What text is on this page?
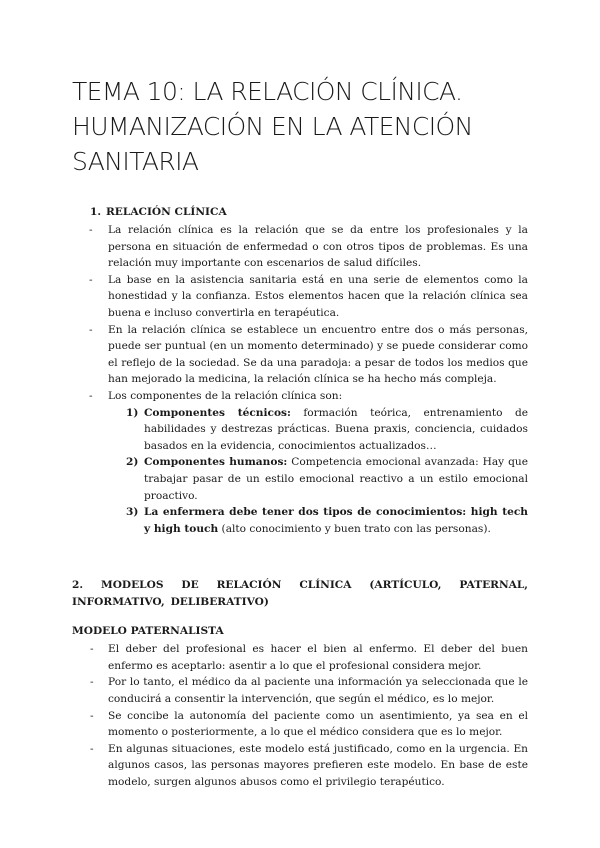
TEMA 10: LA RELACIÓN CLÍNICA.
HUMANIZACIÓN EN LA ATENCIÓN
SANITARIA
1. RELACIÓN CLÍNICA
- La relación clínica es la relación que se da entre los profesionales y la persona en situación de enfermedad o con otros tipos de problemas. Es una relación muy importante con escenarios de salud difíciles.
- La base en la asistencia sanitaria está en una serie de elementos como la honestidad y la confianza. Estos elementos hacen que la relación clínica sea buena e incluso convertirla en terapéutica.
- En la relación clínica se establece un encuentro entre dos o más personas, puede ser puntual (en un momento determinado) y se puede considerar como el reflejo de la sociedad. Se da una paradoja: a pesar de todos los medios que han mejorado la medicina, la relación clínica se ha hecho más compleja.
- Los componentes de la relación clínica son:
1) Componentes técnicos: formación teórica, entrenamiento de habilidades y destrezas prácticas. Buena praxis, conciencia, cuidados basados en la evidencia, conocimientos actualizados…
2) Componentes humanos: Competencia emocional avanzada: Hay que trabajar pasar de un estilo emocional reactivo a un estilo emocional proactivo.
3) La enfermera debe tener dos tipos de conocimientos: high tech y high touch (alto conocimiento y buen trato con las personas).
2. MODELOS DE RELACIÓN CLÍNICA (ARTÍCULO, PATERNAL, INFORMATIVO, DELIBERATIVO)
MODELO PATERNALISTA
- El deber del profesional es hacer el bien al enfermo. El deber del buen enfermo es aceptarlo: asentir a lo que el profesional considera mejor.
- Por lo tanto, el médico da al paciente una información ya seleccionada que le conducirá a consentir la intervención, que según el médico, es lo mejor.
- Se concibe la autonomía del paciente como un asentimiento, ya sea en el momento o posteriormente, a lo que el médico considera que es lo mejor.
- En algunas situaciones, este modelo está justificado, como en la urgencia. En algunos casos, las personas mayores prefieren este modelo. En base de este modelo, surgen algunos abusos como el privilegio terapéutico.
